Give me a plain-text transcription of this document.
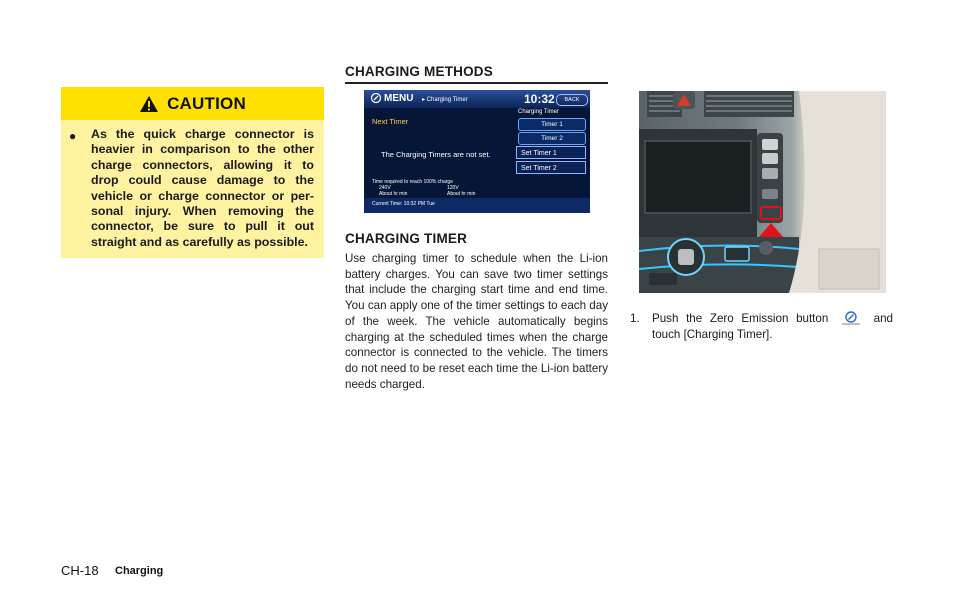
CAUTION
● As the quick charge connector is heavier in comparison to the other charge connectors, allowing it to drop could cause damage to the vehicle or charge connector or per-sonal injury. When removing the connector, be sure to pull it out straight and as carefully as possible.
CHARGING METHODS
MENU ▸ Charging Timer	10:32	BACK
Next Timer
The Charging Timers are not set.
Charging Timer
Timer 1
Timer 2
Set Timer 1
Set Timer 2
Time required to reach 100% charge
240V	120V
About hr min	About hr min
Current Time: 10:32 PM Tue
CHARGING TIMER
Use charging timer to schedule when the Li-ion battery charges. You can save two timer settings that include the charging start time and end time. You can apply one of the timer settings to each day of the week. The vehicle automatically begins charging at the scheduled times when the charge connector is connected to the vehicle. The timers do not need to be reset each time the Li-ion battery needs charged.
1. Push the Zero Emission button	and touch [Charging Timer].
CH-18 Charging
